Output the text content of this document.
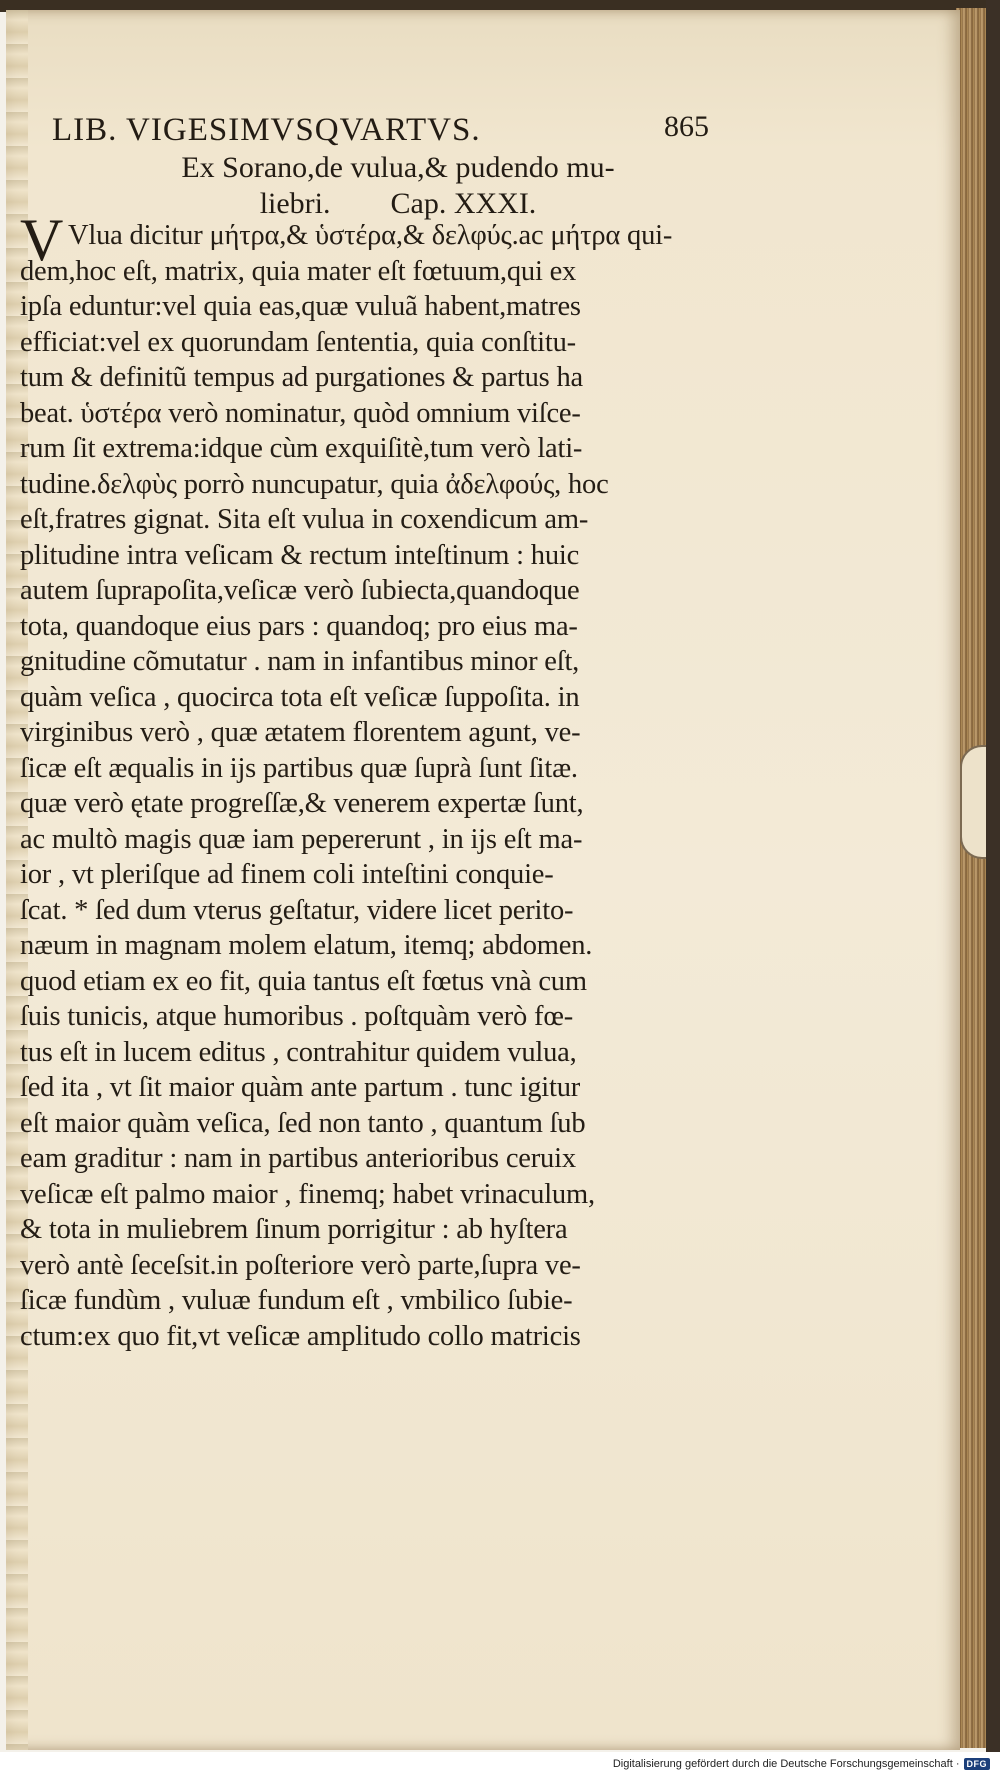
LIB. VIGESIMVSQVARTVS.	865
Ex Sorano,de vulua,& pudendo mu-
liebri.        Cap. XXXI.
V Vlua dicitur μήτρα,& ὑστέρα,& δελφύς.ac μήτρα qui-
dem,hoc eſt, matrix, quia mater eſt fœtuum,qui ex
ipſa eduntur:vel quia eas,quæ vuluã habent,matres
efficiat:vel ex quorundam ſententia, quia conſtitu-
tum & definitũ tempus ad purgationes & partus ha
beat. ὑστέρα verò nominatur, quòd omnium viſce-
rum ſit extrema:idque cùm exquiſitè,tum verò lati-
tudine.δελφὺς porrò nuncupatur, quia ἀδελφούς, hoc
eſt,fratres gignat. Sita eſt vulua in coxendicum am-
plitudine intra veſicam & rectum inteſtinum : huic
autem ſuprapoſita,veſicæ verò ſubiecta,quandoque
tota, quandoque eius pars : quandoq; pro eius ma-
gnitudine cõmutatur . nam in infantibus minor eſt,
quàm veſica , quocirca tota eſt veſicæ ſuppoſita. in
virginibus verò , quæ ætatem florentem agunt, ve-
ſicæ eſt æqualis in ijs partibus quæ ſuprà ſunt ſitæ.
quæ verò ętate progreſſæ,& venerem expertæ ſunt,
ac multò magis quæ iam pepererunt , in ijs eſt ma-
ior , vt pleriſque ad finem coli inteſtini conquie-
ſcat. * ſed dum vterus geſtatur, videre licet perito-
næum in magnam molem elatum, itemq; abdomen.
quod etiam ex eo fit, quia tantus eſt fœtus vnà cum
ſuis tunicis, atque humoribus . poſtquàm verò fœ-
tus eſt in lucem editus , contrahitur quidem vulua,
ſed ita , vt ſit maior quàm ante partum . tunc igitur
eſt maior quàm veſica, ſed non tanto , quantum ſub
eam graditur : nam in partibus anterioribus ceruix
veſicæ eſt palmo maior , finemq; habet vrinaculum,
& tota in muliebrem ſinum porrigitur : ab hyſtera
verò antè ſeceſsit.in poſteriore verò parte,ſupra ve-
ſicæ fundùm , vuluæ fundum eſt , vmbilico ſubie-
ctum:ex quo fit,vt veſicæ amplitudo collo matricis
Digitalisierung gefördert durch die Deutsche Forschungsgemeinschaft · DFG
